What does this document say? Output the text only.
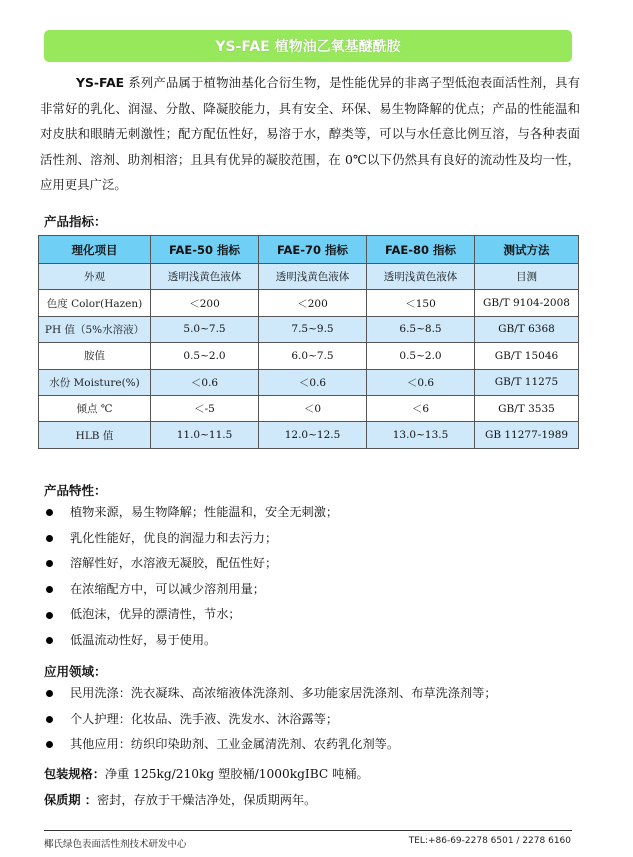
YS-FAE 植物油乙氧基醚酰胺

YS-FAE 系列产品属于植物油基化合衍生物，是性能优异的非离子型低泡表面活性剂，具有非常好的乳化、润湿、分散、降凝胶能力，具有安全、环保、易生物降解的优点；产品的性能温和对皮肤和眼睛无刺激性；配方配伍性好，易溶于水，醇类等，可以与水任意比例互溶，与各种表面活性剂、溶剂、助剂相溶；且具有优异的凝胶范围，在 0℃以下仍然具有良好的流动性及均一性，应用更具广泛。

产品指标：
理化项目	FAE-50 指标	FAE-70 指标	FAE-80 指标	测试方法
外观	透明浅黄色液体	透明浅黄色液体	透明浅黄色液体	目测
色度 Color(Hazen)	＜200	＜200	＜150	GB/T 9104-2008
PH 值（5%水溶液）	5.0~7.5	7.5~9.5	6.5~8.5	GB/T 6368
胺值	0.5~2.0	6.0~7.5	0.5~2.0	GB/T 15046
水份 Moisture(%)	＜0.6	＜0.6	＜0.6	GB/T 11275
倾点 ℃	＜-5	＜0	＜6	GB/T 3535
HLB 值	11.0~11.5	12.0~12.5	13.0~13.5	GB 11277-1989
产品特性：
植物来源，易生物降解；性能温和，安全无刺激；
乳化性能好，优良的润湿力和去污力；
溶解性好，水溶液无凝胶，配伍性好；
在浓缩配方中，可以减少溶剂用量；
低泡沫，优异的漂清性，节水；
低温流动性好，易于使用。
应用领域：
民用洗涤：洗衣凝珠、高浓缩液体洗涤剂、多功能家居洗涤剂、布草洗涤剂等；
个人护理：化妆品、洗手液、洗发水、沐浴露等；
其他应用：纺织印染助剂、工业金属清洗剂、农药乳化剂等。

包装规格：净重 125kg/210kg 塑胶桶/1000kgIBC 吨桶。

保质期 ：密封，存放于干燥洁净处，保质期两年。

椰氏绿色表面活性剂技术研发中心	TEL:+86-69-2278 6501 / 2278 6160
